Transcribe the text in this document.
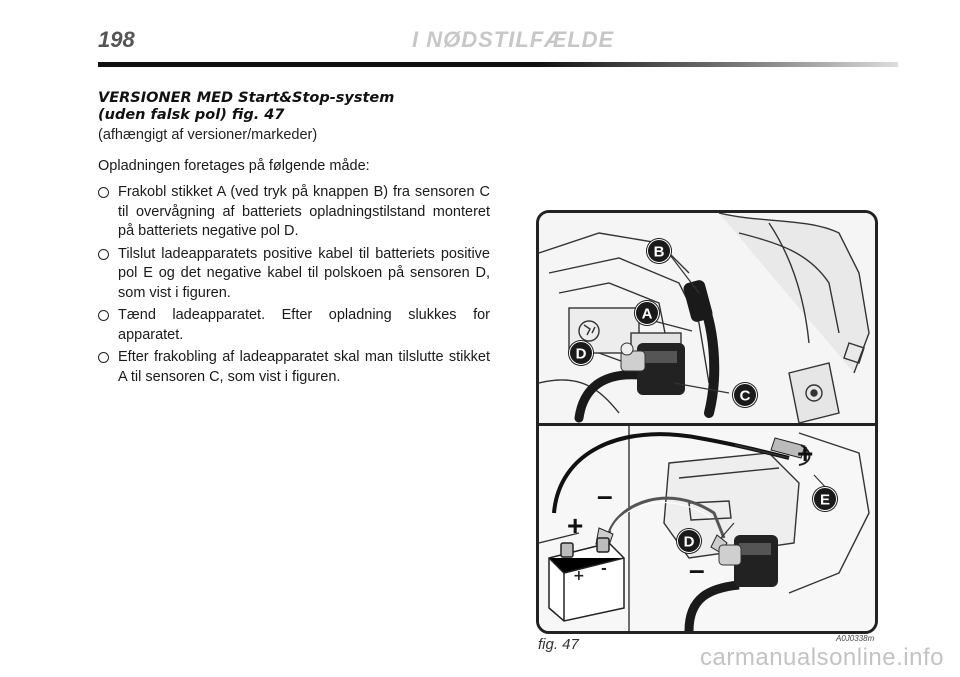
198	I NØDSTILFÆLDE
VERSIONER MED Start&Stop-system
(uden falsk pol) fig. 47
(afhængigt af versioner/markeder)
Opladningen foretages på følgende måde:
Frakobl stikket A (ved tryk på knappen B) fra sensoren C til overvågning af batteriets opladningstilstand monteret på batteriets negative pol D.
Tilslut ladeapparatets positive kabel til batteriets positive pol E og det negative kabel til polskoen på sensoren D, som vist i figuren.
Tænd ladeapparatet. Efter opladning slukkes for apparatet.
Efter frakobling af ladeapparatet skal man tilslutte stikket A til sensoren C, som vist i figuren.
+ -
B
A
D
C
E
D
+
–
+
–
fig. 47	A0J0338m
carmanualsonline.info
